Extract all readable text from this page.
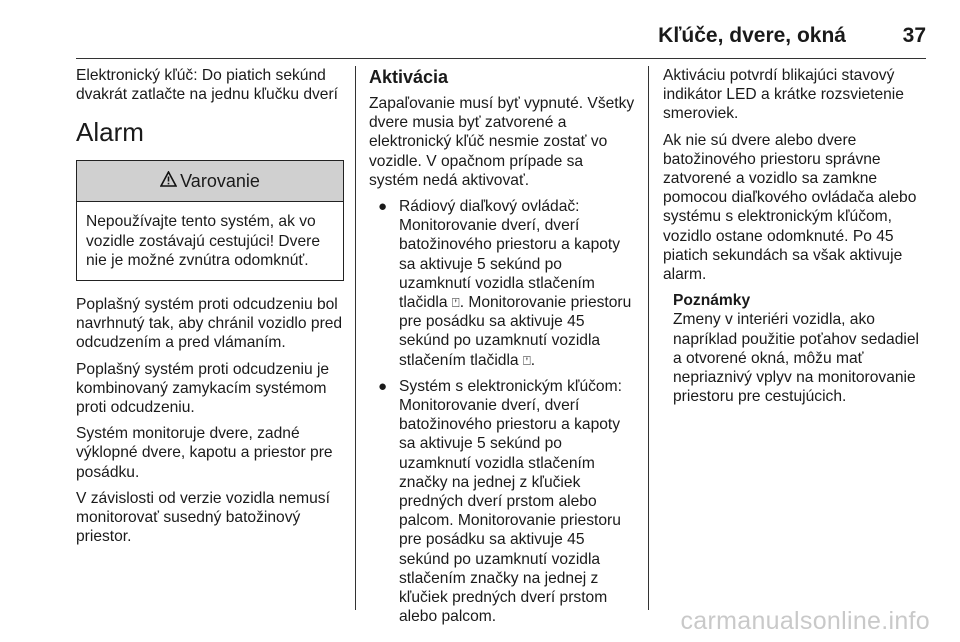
Kľúče, dvere, okná	37

Elektronický kľúč: Do piatich sekúnd dvakrát zatlačte na jednu kľučku dverí

Alarm
Varovanie
Nepoužívajte tento systém, ak vo vozidle zostávajú cestujúci! Dvere nie je možné zvnútra odomknúť.

Poplašný systém proti odcudzeniu bol navrhnutý tak, aby chránil vozidlo pred odcudzením a pred vlámaním.

Poplašný systém proti odcudzeniu je kombinovaný zamykacím systémom proti odcudzeniu.

Systém monitoruje dvere, zadné výklopné dvere, kapotu a priestor pre posádku.

V závislosti od verzie vozidla nemusí monitorovať susedný batožinový priestor.

Aktivácia

Zapaľovanie musí byť vypnuté. Všetky dvere musia byť zatvorené a elektronický kľúč nesmie zostať vo vozidle. V opačnom prípade sa systém nedá aktivovať.

● Rádiový diaľkový ovládač: Monitorovanie dverí, dverí batožinového priestoru a kapoty sa aktivuje 5 sekúnd po uzamknutí vozidla stlačením tlačidla ⍞. Monitorovanie priestoru pre posádku sa aktivuje 45 sekúnd po uzamknutí vozidla stlačením tlačidla ⍞.
● Systém s elektronickým kľúčom: Monitorovanie dverí, dverí batožinového priestoru a kapoty sa aktivuje 5 sekúnd po uzamknutí vozidla stlačením značky na jednej z kľučiek predných dverí prstom alebo palcom. Monitorovanie priestoru pre posádku sa aktivuje 45 sekúnd po uzamknutí vozidla stlačením značky na jednej z kľučiek predných dverí prstom alebo palcom.

Aktiváciu potvrdí blikajúci stavový indikátor LED a krátke rozsvietenie smeroviek.

Ak nie sú dvere alebo dvere batožinového priestoru správne zatvorené a vozidlo sa zamkne pomocou diaľkového ovládača alebo systému s elektronickým kľúčom, vozidlo ostane odomknuté. Po 45 piatich sekundách sa však aktivuje alarm.

Poznámky
Zmeny v interiéri vozidla, ako napríklad použitie poťahov sedadiel a otvorené okná, môžu mať nepriaznivý vplyv na monitorovanie priestoru pre cestujúcich.
carmanualsonline.info
